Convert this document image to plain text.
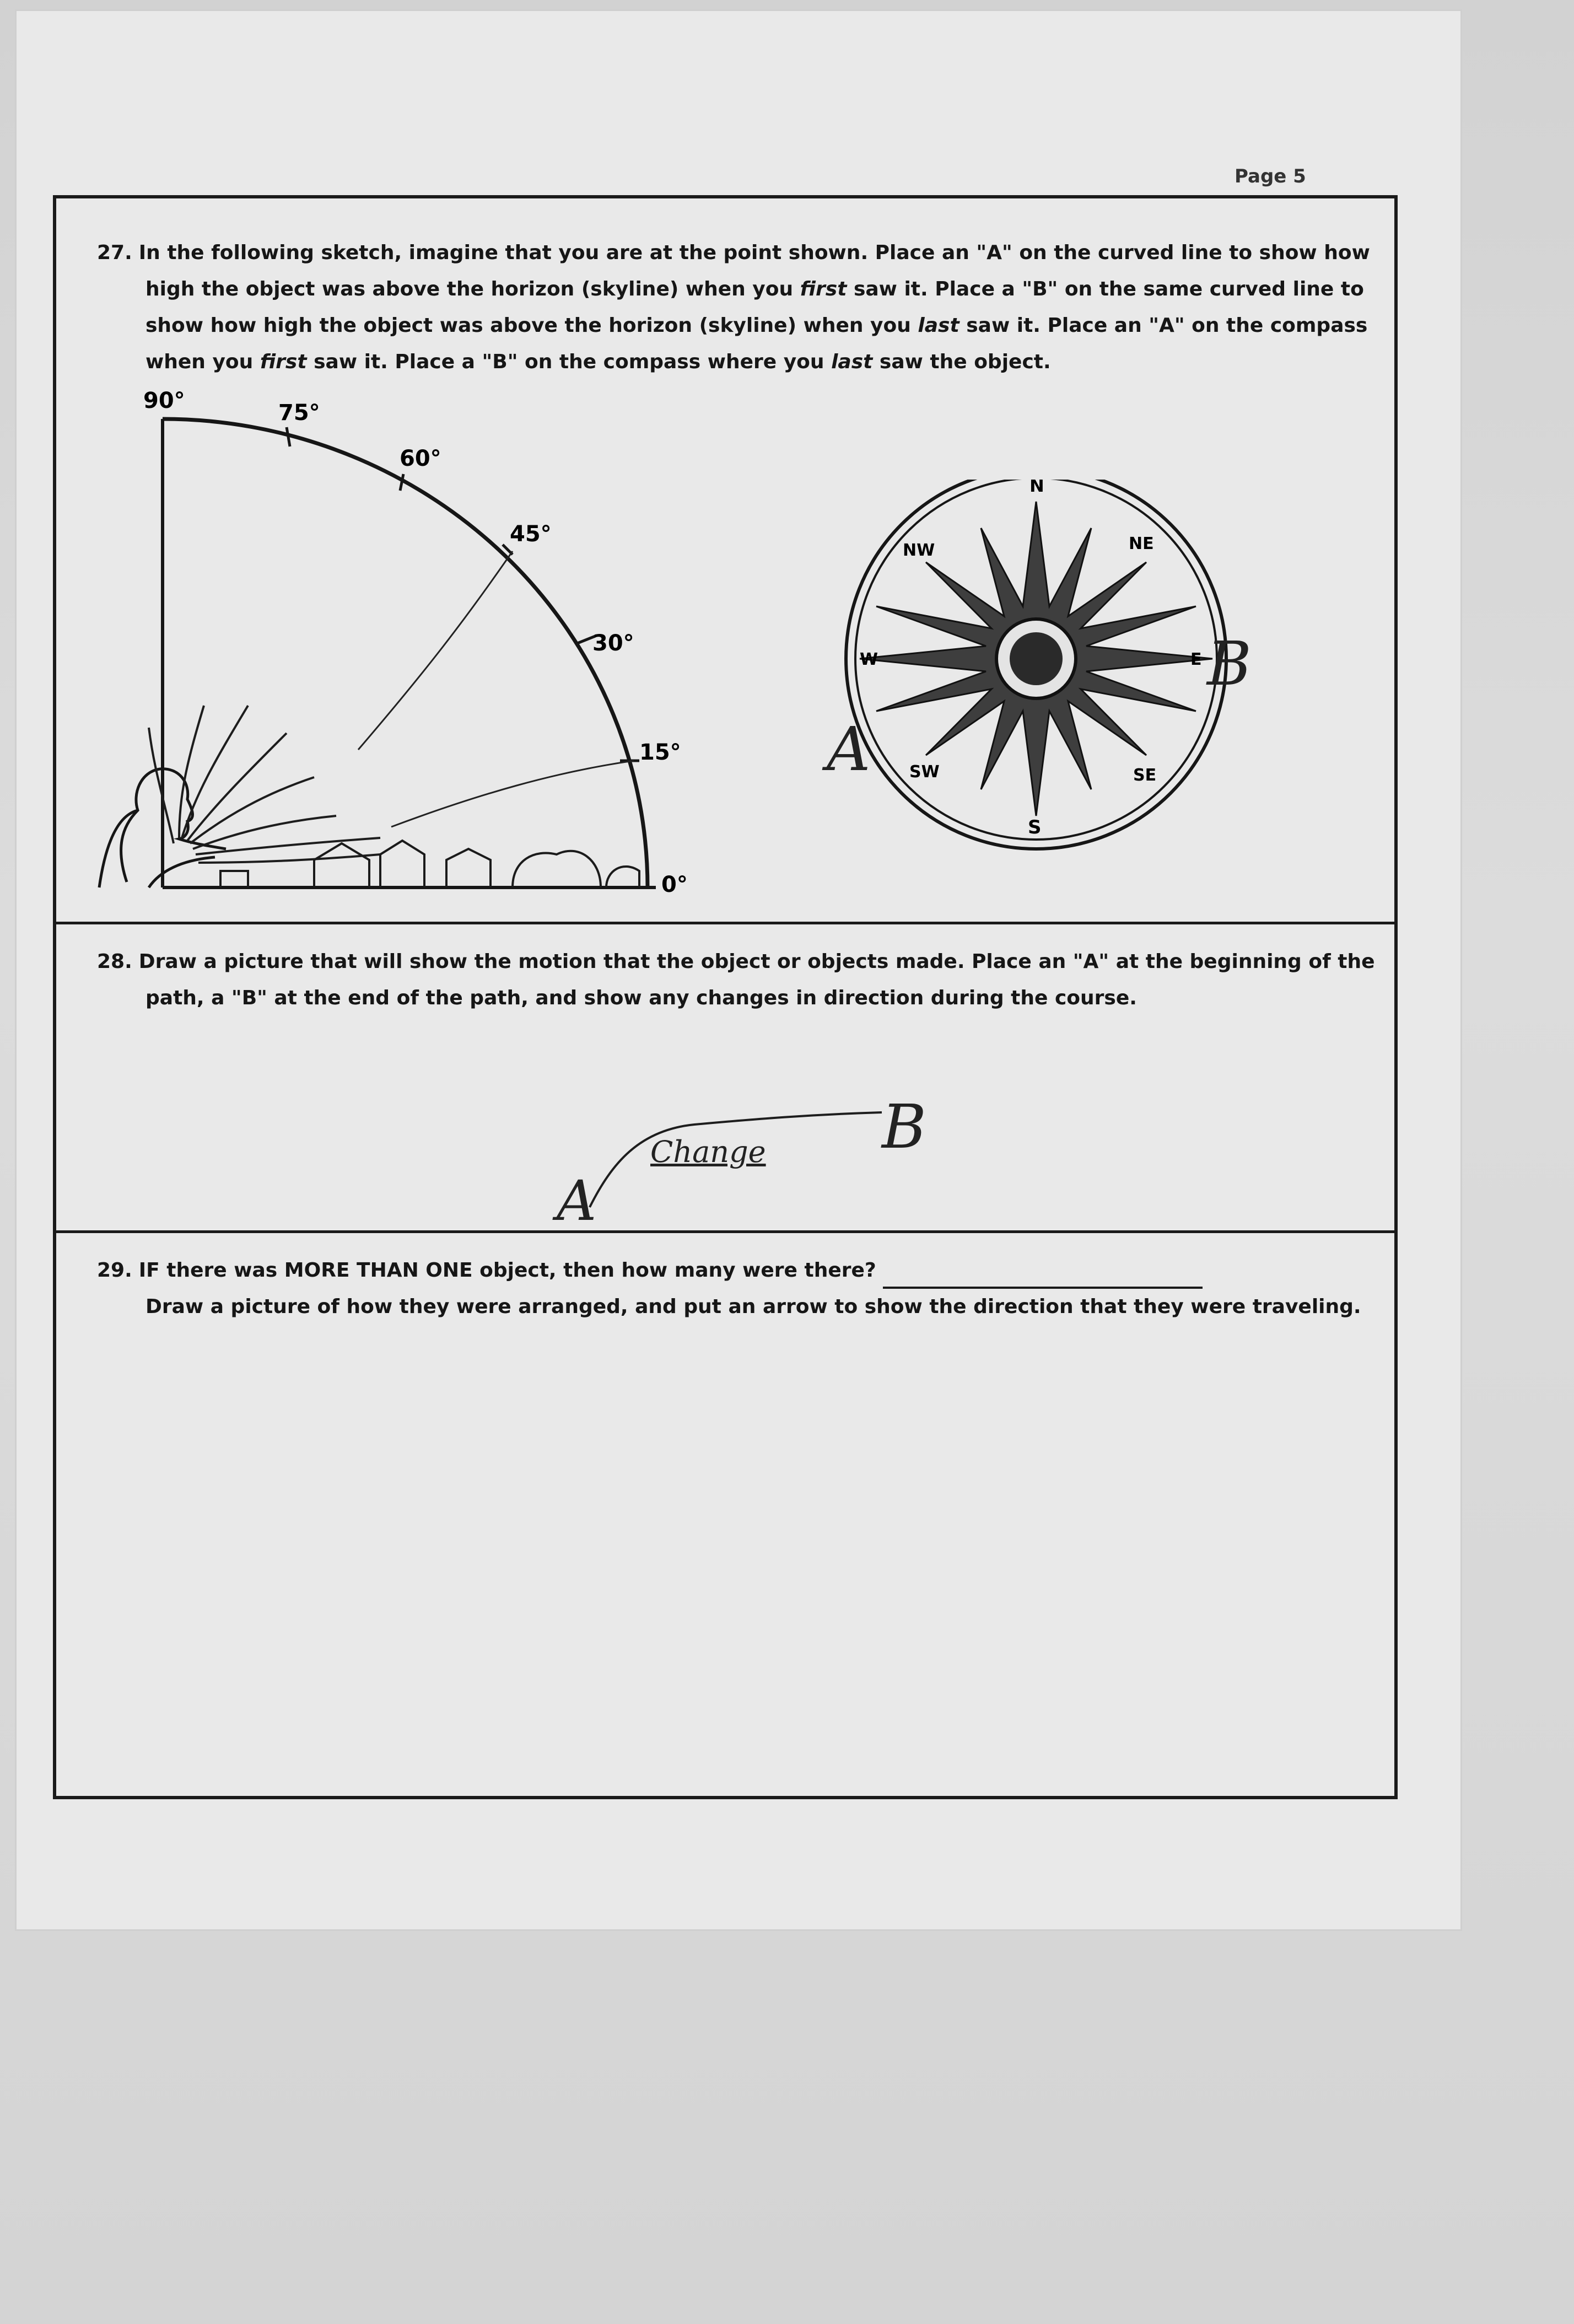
Page 5
27. In the following sketch, imagine that you are at the point shown. Place an "A" on the curved line to show how
high the object was above the horizon (skyline) when you first saw it. Place a "B" on the same curved line to
show how high the object was above the horizon (skyline) when you last saw it. Place an "A" on the compass
when you first saw it. Place a "B" on the compass where you last saw the object.
90°	75°
60°
45°
30°
15°
0°
N
NE
E
SE
S
SW
W
NW
A
B
28. Draw a picture that will show the motion that the object or objects made. Place an "A" at the beginning of the
path, a "B" at the end of the path, and show any changes in direction during the course.
A
Change B
29. IF there was MORE THAN ONE object, then how many were there?
Draw a picture of how they were arranged, and put an arrow to show the direction that they were traveling.
